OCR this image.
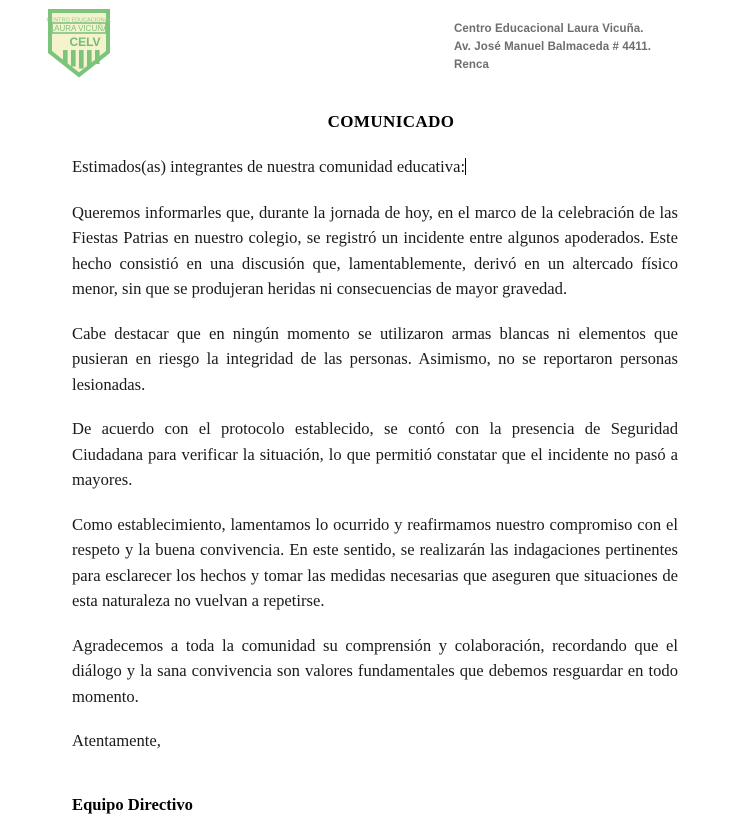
CENTRO EDUCACIONAL
LAURA VICUÑA
CELV
Centro Educacional Laura Vicuña.
Av. José Manuel Balmaceda # 4411.
Renca
COMUNICADO

Estimados(as) integrantes de nuestra comunidad educativa:

Queremos informarles que, durante la jornada de hoy, en el marco de la celebración de las Fiestas Patrias en nuestro colegio, se registró un incidente entre algunos apoderados. Este hecho consistió en una discusión que, lamentablemente, derivó en un altercado físico menor, sin que se produjeran heridas ni consecuencias de mayor gravedad.

Cabe destacar que en ningún momento se utilizaron armas blancas ni elementos que pusieran en riesgo la integridad de las personas. Asimismo, no se reportaron personas lesionadas.

De acuerdo con el protocolo establecido, se contó con la presencia de Seguridad Ciudadana para verificar la situación, lo que permitió constatar que el incidente no pasó a mayores.

Como establecimiento, lamentamos lo ocurrido y reafirmamos nuestro compromiso con el respeto y la buena convivencia. En este sentido, se realizarán las indagaciones pertinentes para esclarecer los hechos y tomar las medidas necesarias que aseguren que situaciones de esta naturaleza no vuelvan a repetirse.

Agradecemos a toda la comunidad su comprensión y colaboración, recordando que el diálogo y la sana convivencia son valores fundamentales que debemos resguardar en todo momento.

Atentamente,

Equipo Directivo
